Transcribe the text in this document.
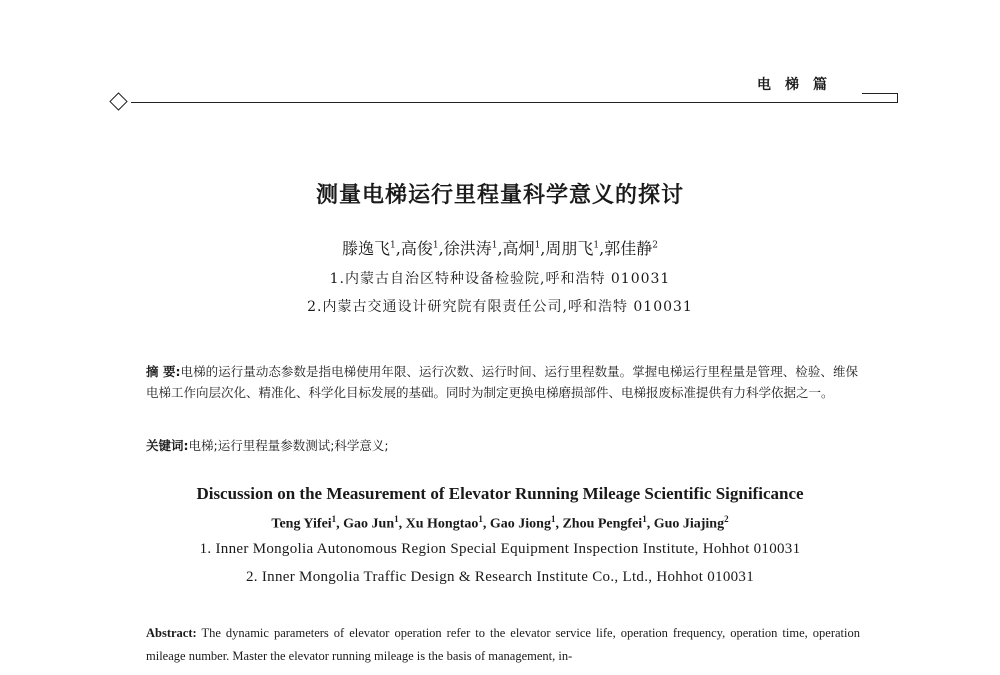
电梯篇
测量电梯运行里程量科学意义的探讨
滕逸飞$^1$,高俊$^1$,徐洪涛$^1$,高炯$^1$,周朋飞$^1$,郭佳静$^2$
1.内蒙古自治区特种设备检验院,呼和浩特 010031
2.内蒙古交通设计研究院有限责任公司,呼和浩特 010031
摘 要:电梯的运行量动态参数是指电梯使用年限、运行次数、运行时间、运行里程数量。掌握电梯运行里程量是管理、检验、维保电梯工作向层次化、精准化、科学化目标发展的基础。同时为制定更换电梯磨损部件、电梯报废标准提供有力科学依据之一。
关键词:电梯;运行里程量参数测试;科学意义;
Discussion on the Measurement of Elevator Running Mileage Scientific Significance
Teng Yifei$^1$, Gao Jun$^1$, Xu Hongtao$^1$, Gao Jiong$^1$, Zhou Pengfei$^1$, Guo Jiajing$^2$
1. Inner Mongolia Autonomous Region Special Equipment Inspection Institute, Hohhot 010031
2. Inner Mongolia Traffic Design & Research Institute Co., Ltd., Hohhot 010031
Abstract: The dynamic parameters of elevator operation refer to the elevator service life, operation frequency, operation time, operation mileage number. Master the elevator running mileage is the basis of management, in-
